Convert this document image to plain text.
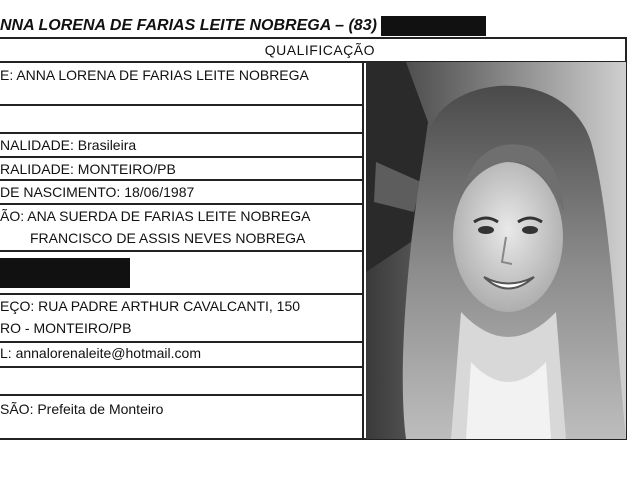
NNA LORENA DE FARIAS LEITE NOBREGA – (83)
QUALIFICAÇÃO
E: ANNA LORENA DE FARIAS LEITE NOBREGA
NALIDADE: Brasileira
RALIDADE: MONTEIRO/PB
DE NASCIMENTO: 18/06/1987
ÃO: ANA SUERDA DE FARIAS LEITE NOBREGA
FRANCISCO DE ASSIS NEVES NOBREGA
EÇO: RUA PADRE ARTHUR CAVALCANTI, 150
RO - MONTEIRO/PB
L: annalorenaleite@hotmail.com
SÃO: Prefeita de Monteiro
